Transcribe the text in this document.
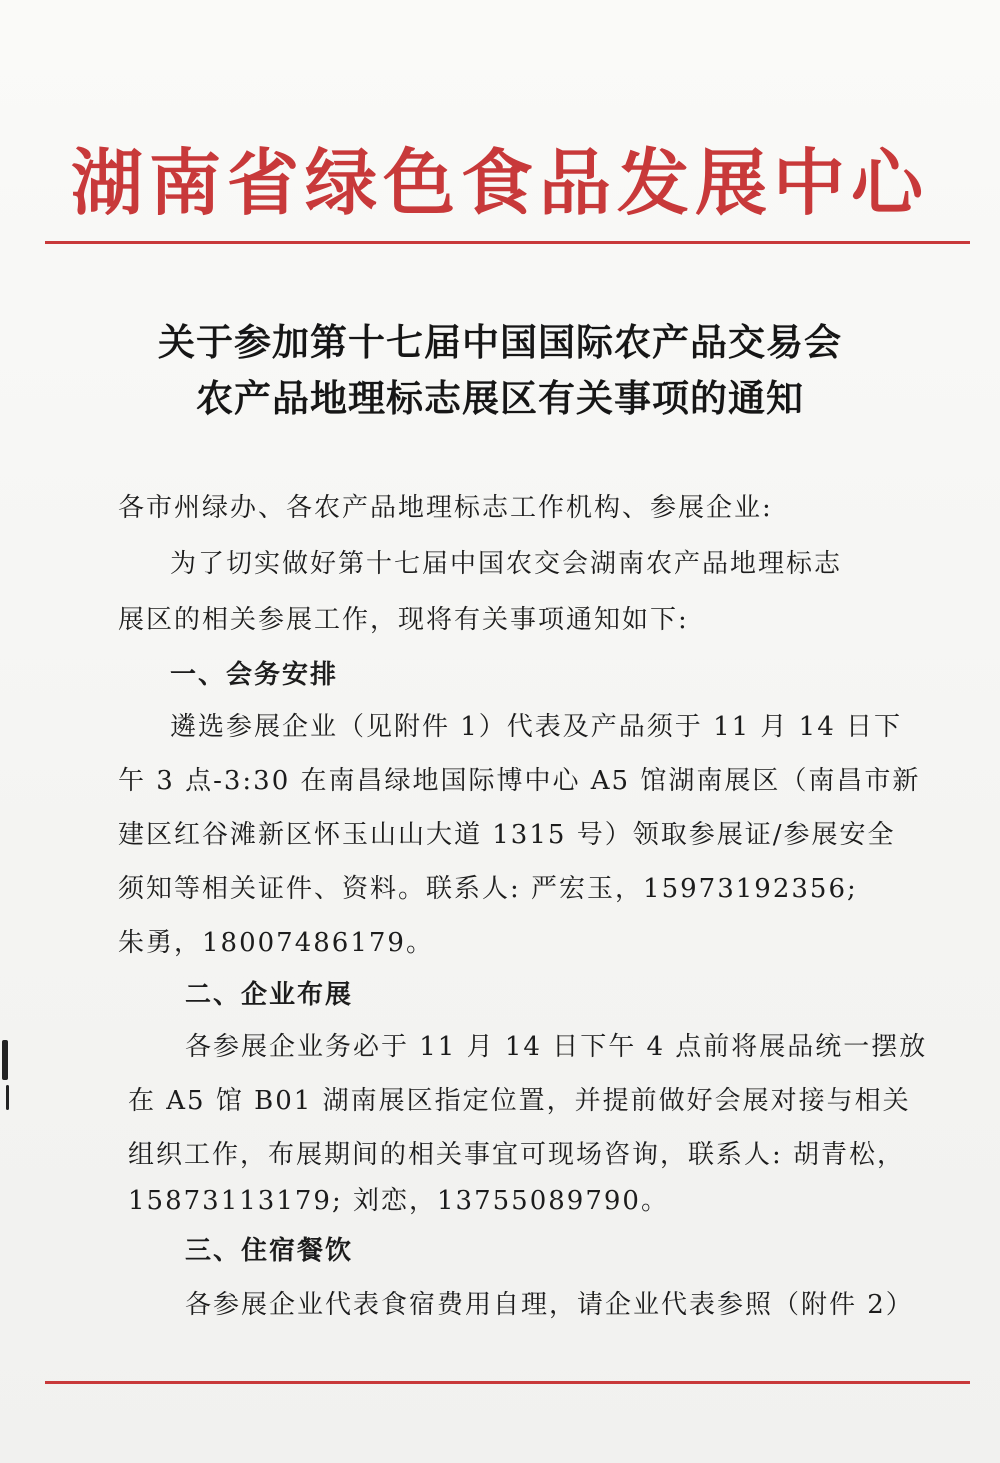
湖南省绿色食品发展中心
关于参加第十七届中国国际农产品交易会
农产品地理标志展区有关事项的通知
各市州绿办、各农产品地理标志工作机构、参展企业:
为了切实做好第十七届中国农交会湖南农产品地理标志
展区的相关参展工作，现将有关事项通知如下:
一、会务安排
遴选参展企业（见附件 1）代表及产品须于 11 月 14 日下
午 3 点-3:30 在南昌绿地国际博中心 A5 馆湖南展区（南昌市新
建区红谷滩新区怀玉山山大道 1315 号）领取参展证/参展安全
须知等相关证件、资料。联系人: 严宏玉，15973192356;
朱勇，18007486179。
二、企业布展
各参展企业务必于 11 月 14 日下午 4 点前将展品统一摆放
在 A5 馆 B01 湖南展区指定位置，并提前做好会展对接与相关
组织工作，布展期间的相关事宜可现场咨询，联系人: 胡青松，
15873113179; 刘恋，13755089790。
三、住宿餐饮
各参展企业代表食宿费用自理，请企业代表参照（附件 2）
